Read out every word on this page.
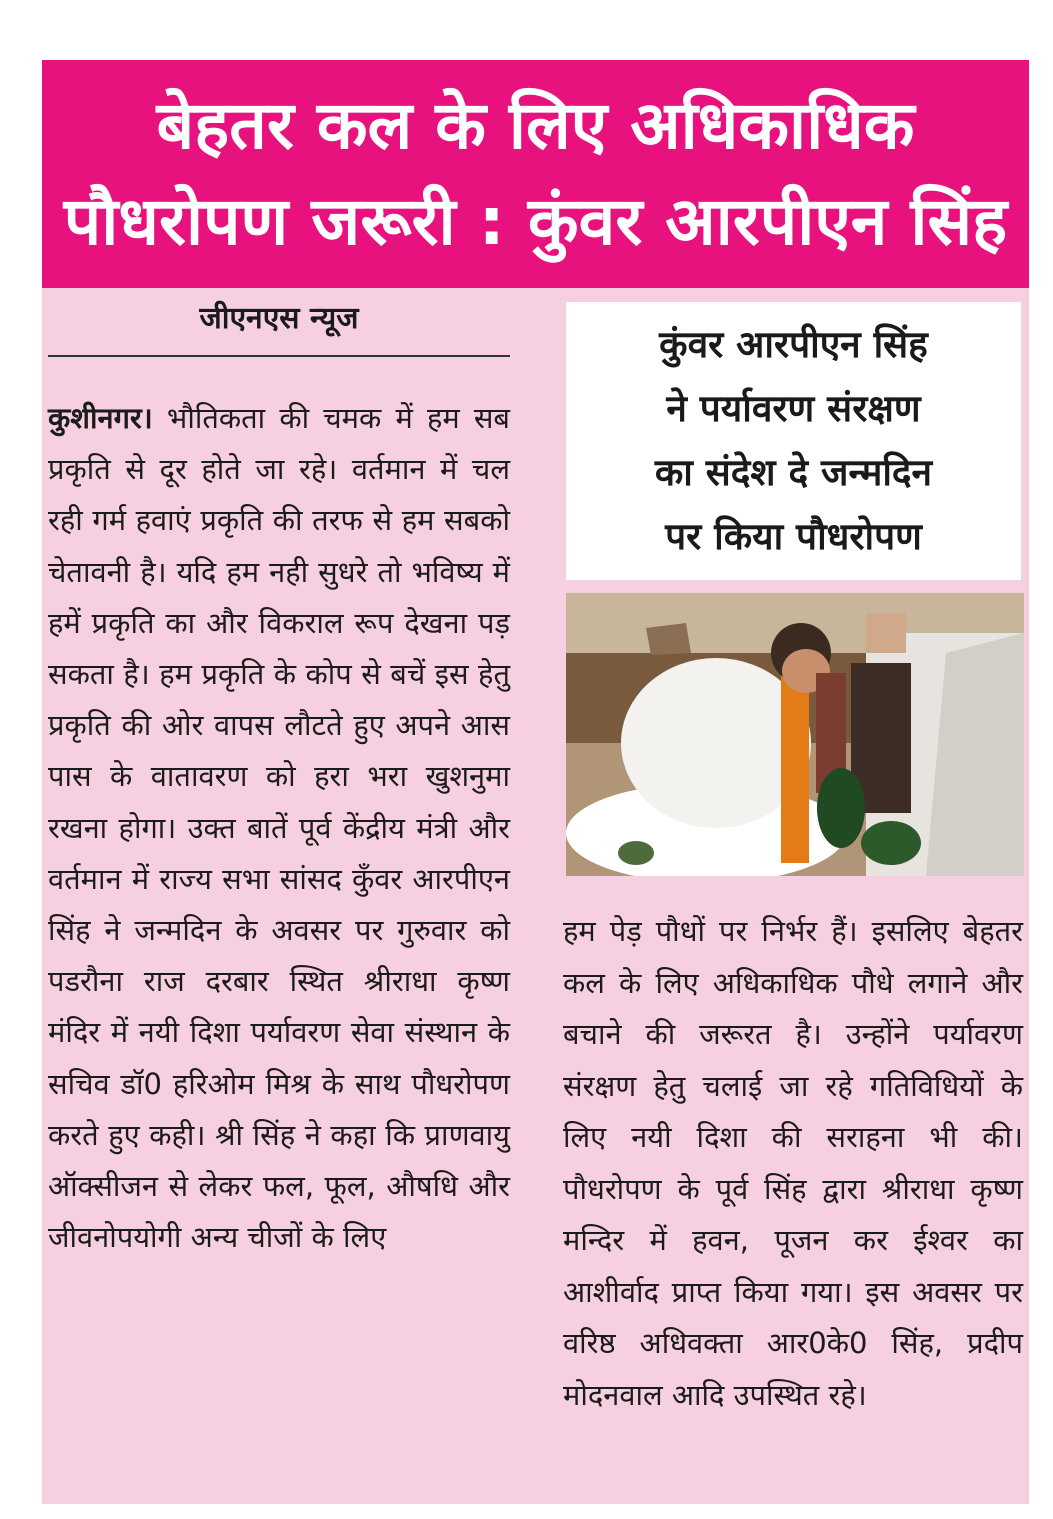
बेहतर कल के लिए अधिकाधिक
पौधरोपण जरूरी : कुंवर आरपीएन सिंह
जीएनएस न्यूज
कुशीनगर। भौतिकता की चमक में हम सब प्रकृति से दूर होते जा रहे। वर्तमान में चल रही गर्म हवाएं प्रकृति की तरफ से हम सबको चेतावनी है। यदि हम नही सुधरे तो भविष्य में हमें प्रकृति का और विकराल रूप देखना पड़ सकता है। हम प्रकृति के कोप से बचें इस हेतु प्रकृति की ओर वापस लौटते हुए अपने आस पास के वातावरण को हरा भरा खुशनुमा रखना होगा। उक्त बातें पूर्व केंद्रीय मंत्री और वर्तमान में राज्य सभा सांसद कुँवर आरपीएन सिंह ने जन्मदिन के अवसर पर गुरुवार को पडरौना राज दरबार स्थित श्रीराधा कृष्ण मंदिर में नयी दिशा पर्यावरण सेवा संस्थान के सचिव डॉ0 हरिओम मिश्र के साथ पौधरोपण करते हुए कही। श्री सिंह ने कहा कि प्राणवायु ऑक्सीजन से लेकर फल, फूल, औषधि और जीवनोपयोगी अन्य चीजों के लिए
कुंवर आरपीएन सिंह
ने पर्यावरण संरक्षण
का संदेश दे जन्मदिन
पर किया पौधरोपण
हम पेड़ पौधों पर निर्भर हैं। इसलिए बेहतर कल के लिए अधिकाधिक पौधे लगाने और बचाने की जरूरत है। उन्होंने पर्यावरण संरक्षण हेतु चलाई जा रहे गतिविधियों के लिए नयी दिशा की सराहना भी की। पौधरोपण के पूर्व सिंह द्वारा श्रीराधा कृष्ण मन्दिर में हवन, पूजन कर ईश्वर का आशीर्वाद प्राप्त किया गया। इस अवसर पर वरिष्ठ अधिवक्ता आर0के0 सिंह, प्रदीप मोदनवाल आदि उपस्थित रहे।
